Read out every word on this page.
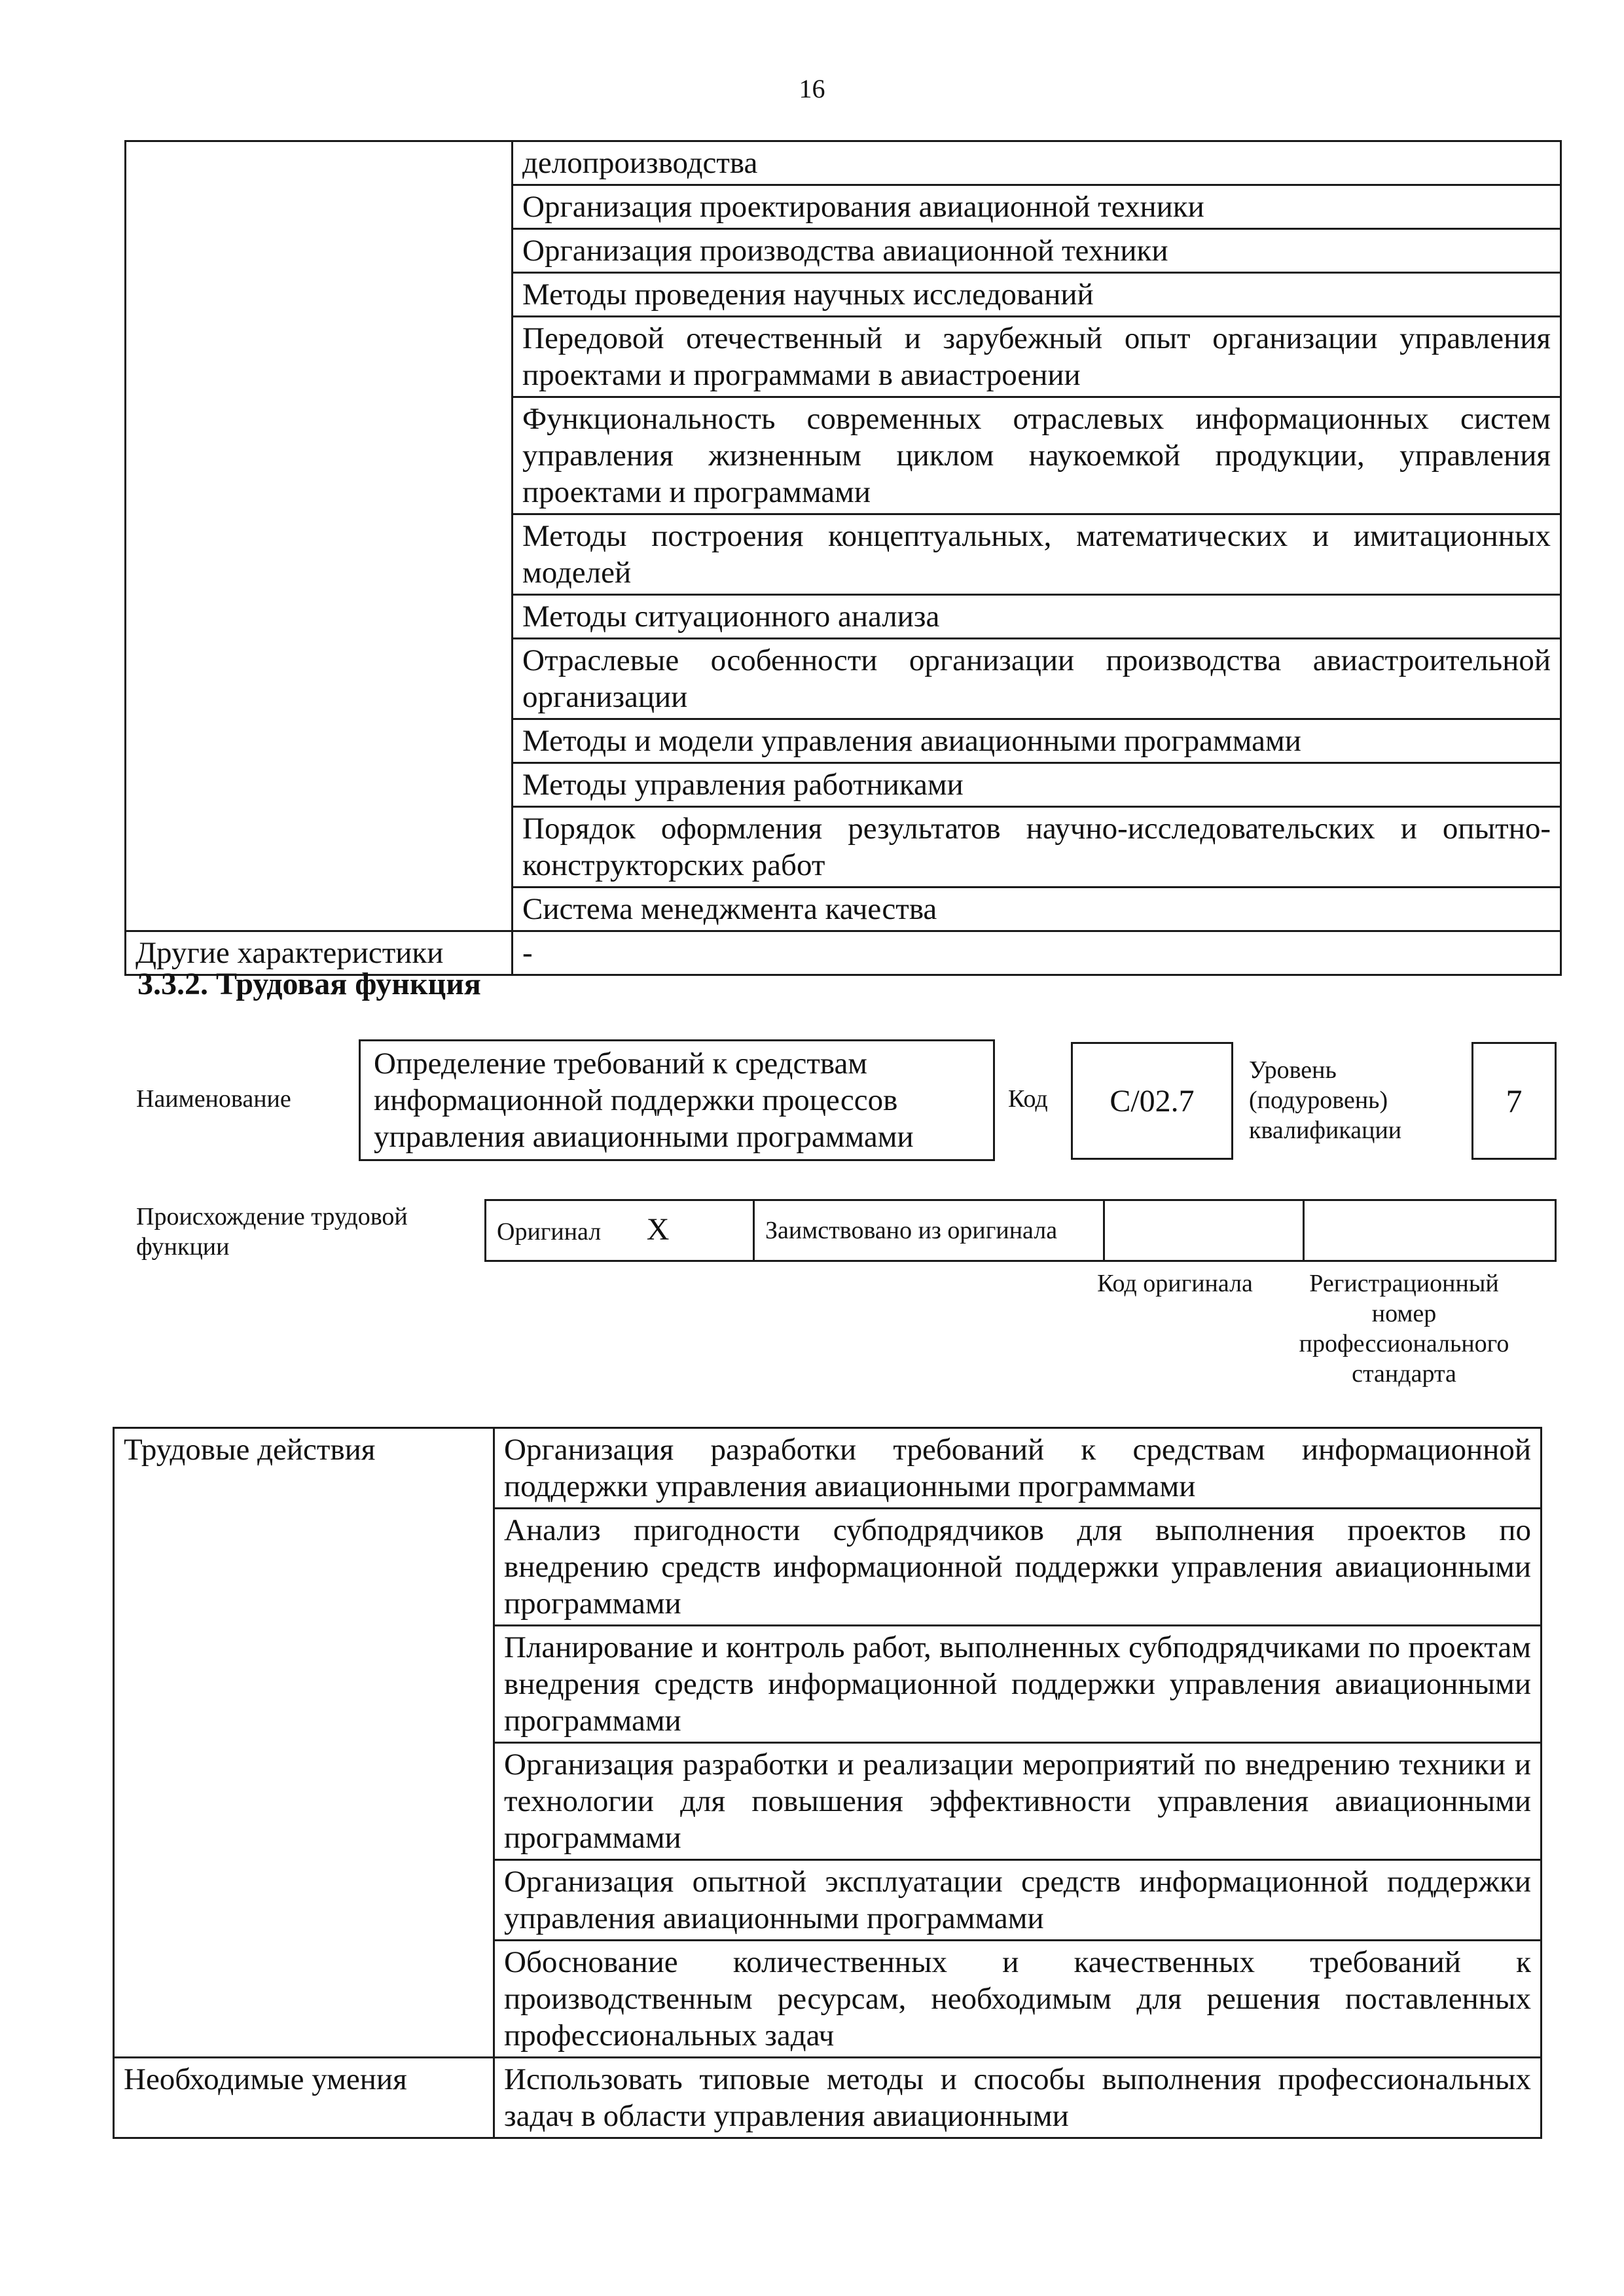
16
	делопроизводства
	Организация проектирования авиационной техники
	Организация производства авиационной техники
	Методы проведения научных исследований
	Передовой отечественный и зарубежный опыт организации управления проектами и программами в авиастроении
	Функциональность современных отраслевых информационных систем управления жизненным циклом наукоемкой продукции, управления проектами и программами
	Методы построения концептуальных, математических и имитационных моделей
	Методы ситуационного анализа
	Отраслевые особенности организации производства авиастроительной организации
	Методы и модели управления авиационными программами
	Методы управления работниками
	Порядок оформления результатов научно-исследовательских и опытно-конструкторских работ
	Система менеджмента качества
Другие характеристики	-
3.3.2. Трудовая функция
Наименование
Определение требований к средствам информационной поддержки процессов управления авиационными программами
Код	С/02.7
Уровень (подуровень) квалификации
7
Происхождение трудовой функции
Оригинал X	Заимствовано из оригинала		
Код оригинала	Регистрационный номер профессионального стандарта
Трудовые действия	Организация разработки требований к средствам информационной поддержки управления авиационными программами
	Анализ пригодности субподрядчиков для выполнения проектов по внедрению средств информационной поддержки управления авиационными программами
	Планирование и контроль работ, выполненных субподрядчиками по проектам внедрения средств информационной поддержки управления авиационными программами
	Организация разработки и реализации мероприятий по внедрению техники и технологии для повышения эффективности управления авиационными программами
	Организация опытной эксплуатации средств информационной поддержки управления авиационными программами
	Обоснование количественных и качественных требований к производственным ресурсам, необходимым для решения поставленных профессиональных задач
Необходимые умения	Использовать типовые методы и способы выполнения профессиональных задач в области управления авиационными
